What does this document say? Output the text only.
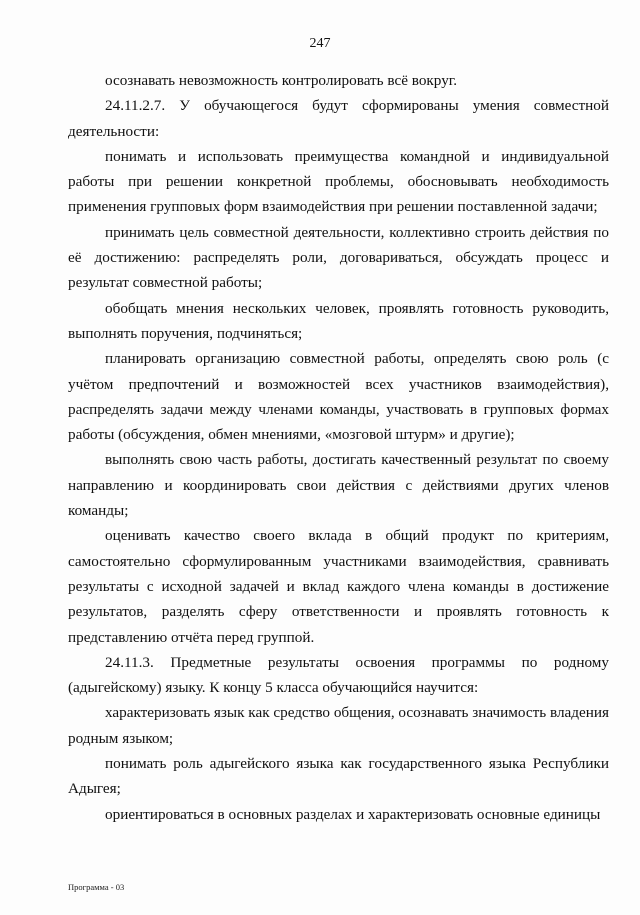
247

осознавать невозможность контролировать всё вокруг.

24.11.2.7. У обучающегося будут сформированы умения совместной деятельности:

понимать и использовать преимущества командной и индивидуальной работы при решении конкретной проблемы, обосновывать необходимость применения групповых форм взаимодействия при решении поставленной задачи;

принимать цель совместной деятельности, коллективно строить действия по её достижению: распределять роли, договариваться, обсуждать процесс и результат совместной работы;

обобщать мнения нескольких человек, проявлять готовность руководить, выполнять поручения, подчиняться;

планировать организацию совместной работы, определять свою роль (с учётом предпочтений и возможностей всех участников взаимодействия), распределять задачи между членами команды, участвовать в групповых формах работы (обсуждения, обмен мнениями, «мозговой штурм» и другие);

выполнять свою часть работы, достигать качественный результат по своему направлению и координировать свои действия с действиями других членов команды;

оценивать качество своего вклада в общий продукт по критериям, самостоятельно сформулированным участниками взаимодействия, сравнивать результаты с исходной задачей и вклад каждого члена команды в достижение результатов, разделять сферу ответственности и проявлять готовность к представлению отчёта перед группой.

24.11.3. Предметные результаты освоения программы по родному (адыгейскому) языку. К концу 5 класса обучающийся научится:

характеризовать язык как средство общения, осознавать значимость владения родным языком;

понимать роль адыгейского языка как государственного языка Республики Адыгея;

ориентироваться в основных разделах и характеризовать основные единицы

Программа - 03
